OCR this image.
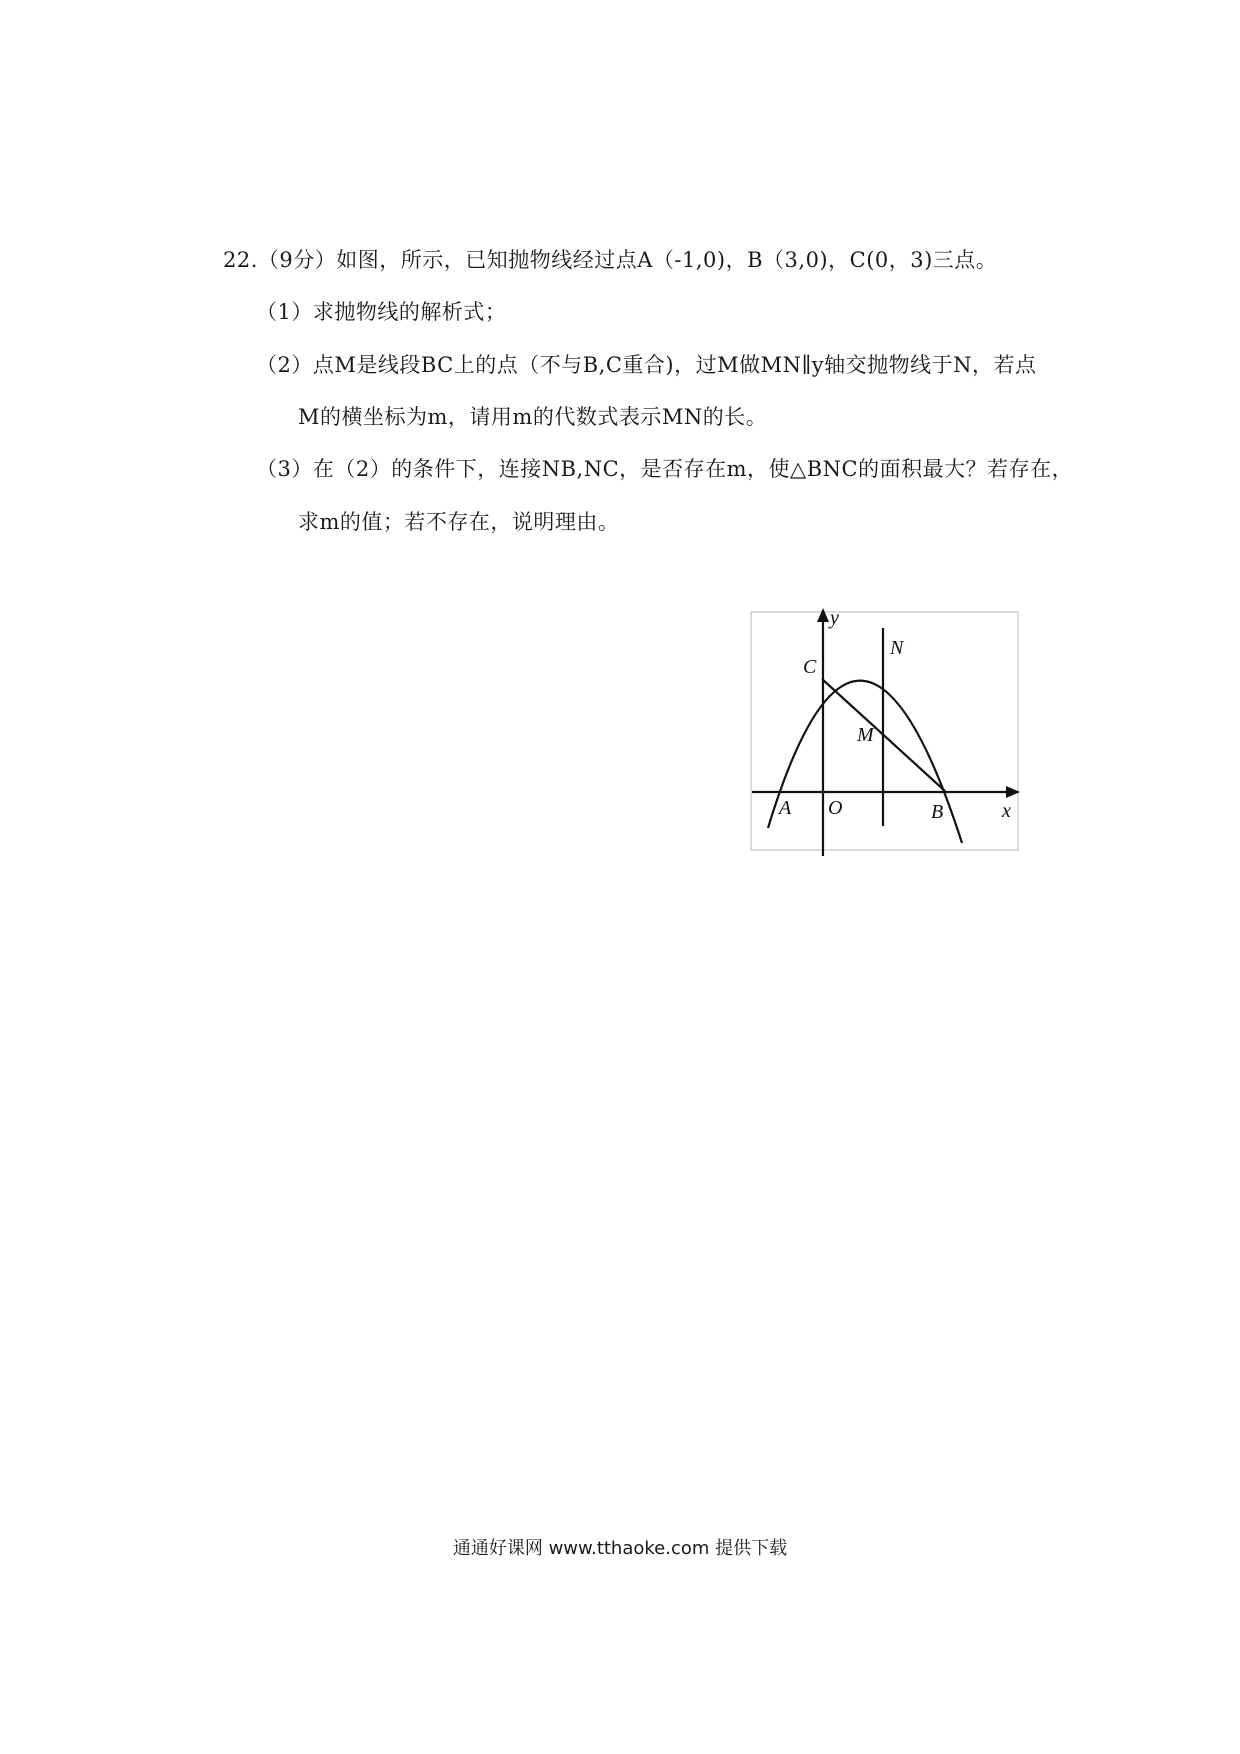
22.（9分）如图，所示，已知抛物线经过点A（-1,0)，B（3,0)，C(0，3)三点。
（1）求抛物线的解析式；
（2）点M是线段BC上的点（不与B,C重合)，过M做MN∥y轴交抛物线于N，若点
M的横坐标为m，请用m的代数式表示MN的长。
（3）在（2）的条件下，连接NB,NC，是否存在m，使△BNC的面积最大？若存在，
求m的值；若不存在，说明理由。
y
x
A O	B
C
M
N
通通好课网 www.tthaoke.com 提供下载
